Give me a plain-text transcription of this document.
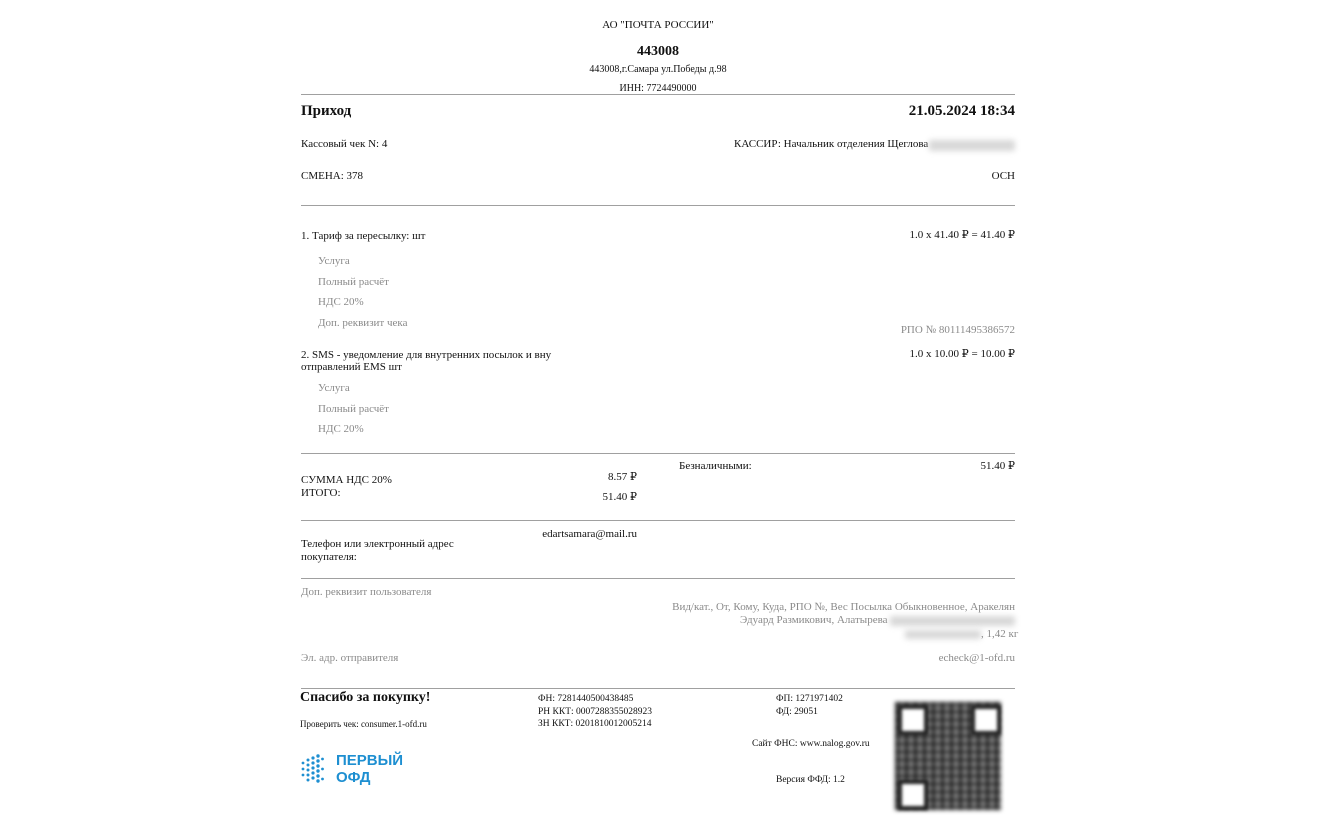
АО "ПОЧТА РОССИИ"
443008
443008,г.Самара ул.Победы д.98
ИНН: 7724490000
Приход	21.05.2024 18:34
Кассовый чек N: 4	КАССИР: Начальник отделения Щеглова
СМЕНА: 378	ОСН
1. Тариф за пересылку: шт	1.0 x 41.40 ₽ = 41.40 ₽
Услуга
Полный расчёт
НДС 20%
Доп. реквизит чека
РПО № 80111495386572
2. SMS - уведомление для внутренних посылок и вну
отправлений EMS шт
1.0 x 10.00 ₽ = 10.00 ₽
Услуга
Полный расчёт
НДС 20%
СУММА НДС 20%	8.57 ₽
ИТОГО:	51.40 ₽
Безналичными:	51.40 ₽
Телефон или электронный адрес
покупателя:
edartsamara@mail.ru
Доп. реквизит пользователя
Вид/кат., От, Кому, Куда, РПО №, Вес Посылка Обыкновенное, Аракелян
Эдуард Размикович, Алатырева
, 1,42 кг
Эл. адр. отправителя	echeck@1-ofd.ru
Спасибо за покупку!
Проверить чек: consumer.1-ofd.ru
ФН: 7281440500438485
РН ККТ: 0007288355028923
ЗН ККТ: 0201810012005214
ФП: 1271971402
ФД: 29051
Сайт ФНС: www.nalog.gov.ru
Версия ФФД: 1.2
ПЕРВЫЙ
ОФД
